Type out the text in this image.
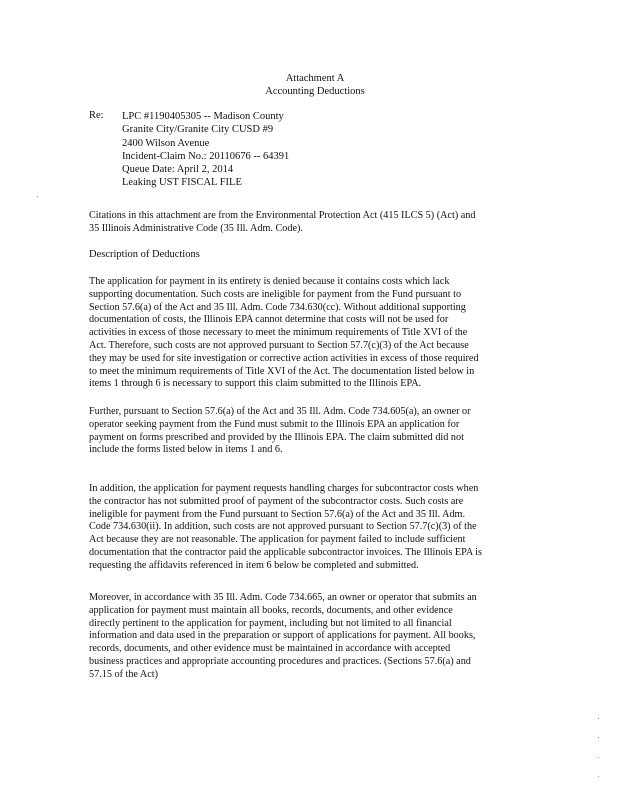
Attachment A
Accounting Deductions
Re: LPC #1190405305 -- Madison County
Granite City/Granite City CUSD #9
2400 Wilson Avenue
Incident-Claim No.: 20110676 -- 64391
Queue Date: April 2, 2014
Leaking UST FISCAL FILE
Citations in this attachment are from the Environmental Protection Act (415 ILCS 5) (Act) and
35 Illinois Administrative Code (35 Ill. Adm. Code).
Description of Deductions
The application for payment in its entirety is denied because it contains costs which lack
supporting documentation. Such costs are ineligible for payment from the Fund pursuant to
Section 57.6(a) of the Act and 35 Ill. Adm. Code 734.630(cc). Without additional supporting
documentation of costs, the Illinois EPA cannot determine that costs will not be used for
activities in excess of those necessary to meet the minimum requirements of Title XVI of the
Act. Therefore, such costs are not approved pursuant to Section 57.7(c)(3) of the Act because
they may be used for site investigation or corrective action activities in excess of those required
to meet the minimum requirements of Title XVI of the Act. The documentation listed below in
items 1 through 6 is necessary to support this claim submitted to the Illinois EPA.
Further, pursuant to Section 57.6(a) of the Act and 35 Ill. Adm. Code 734.605(a), an owner or
operator seeking payment from the Fund must submit to the Illinois EPA an application for
payment on forms prescribed and provided by the Illinois EPA. The claim submitted did not
include the forms listed below in items 1 and 6.
In addition, the application for payment requests handling charges for subcontractor costs when
the contractor has not submitted proof of payment of the subcontractor costs. Such costs are
ineligible for payment from the Fund pursuant to Section 57.6(a) of the Act and 35 Ill. Adm.
Code 734.630(ii). In addition, such costs are not approved pursuant to Section 57.7(c)(3) of the
Act because they are not reasonable. The application for payment failed to include sufficient
documentation that the contractor paid the applicable subcontractor invoices. The Illinois EPA is
requesting the affidavits referenced in item 6 below be completed and submitted.
Moreover, in accordance with 35 Ill. Adm. Code 734.665, an owner or operator that submits an
application for payment must maintain all books, records, documents, and other evidence
directly pertinent to the application for payment, including but not limited to all financial
information and data used in the preparation or support of applications for payment. All books,
records, documents, and other evidence must be maintained in accordance with accepted
business practices and appropriate accounting procedures and practices. (Sections 57.6(a) and
57.15 of the Act)
